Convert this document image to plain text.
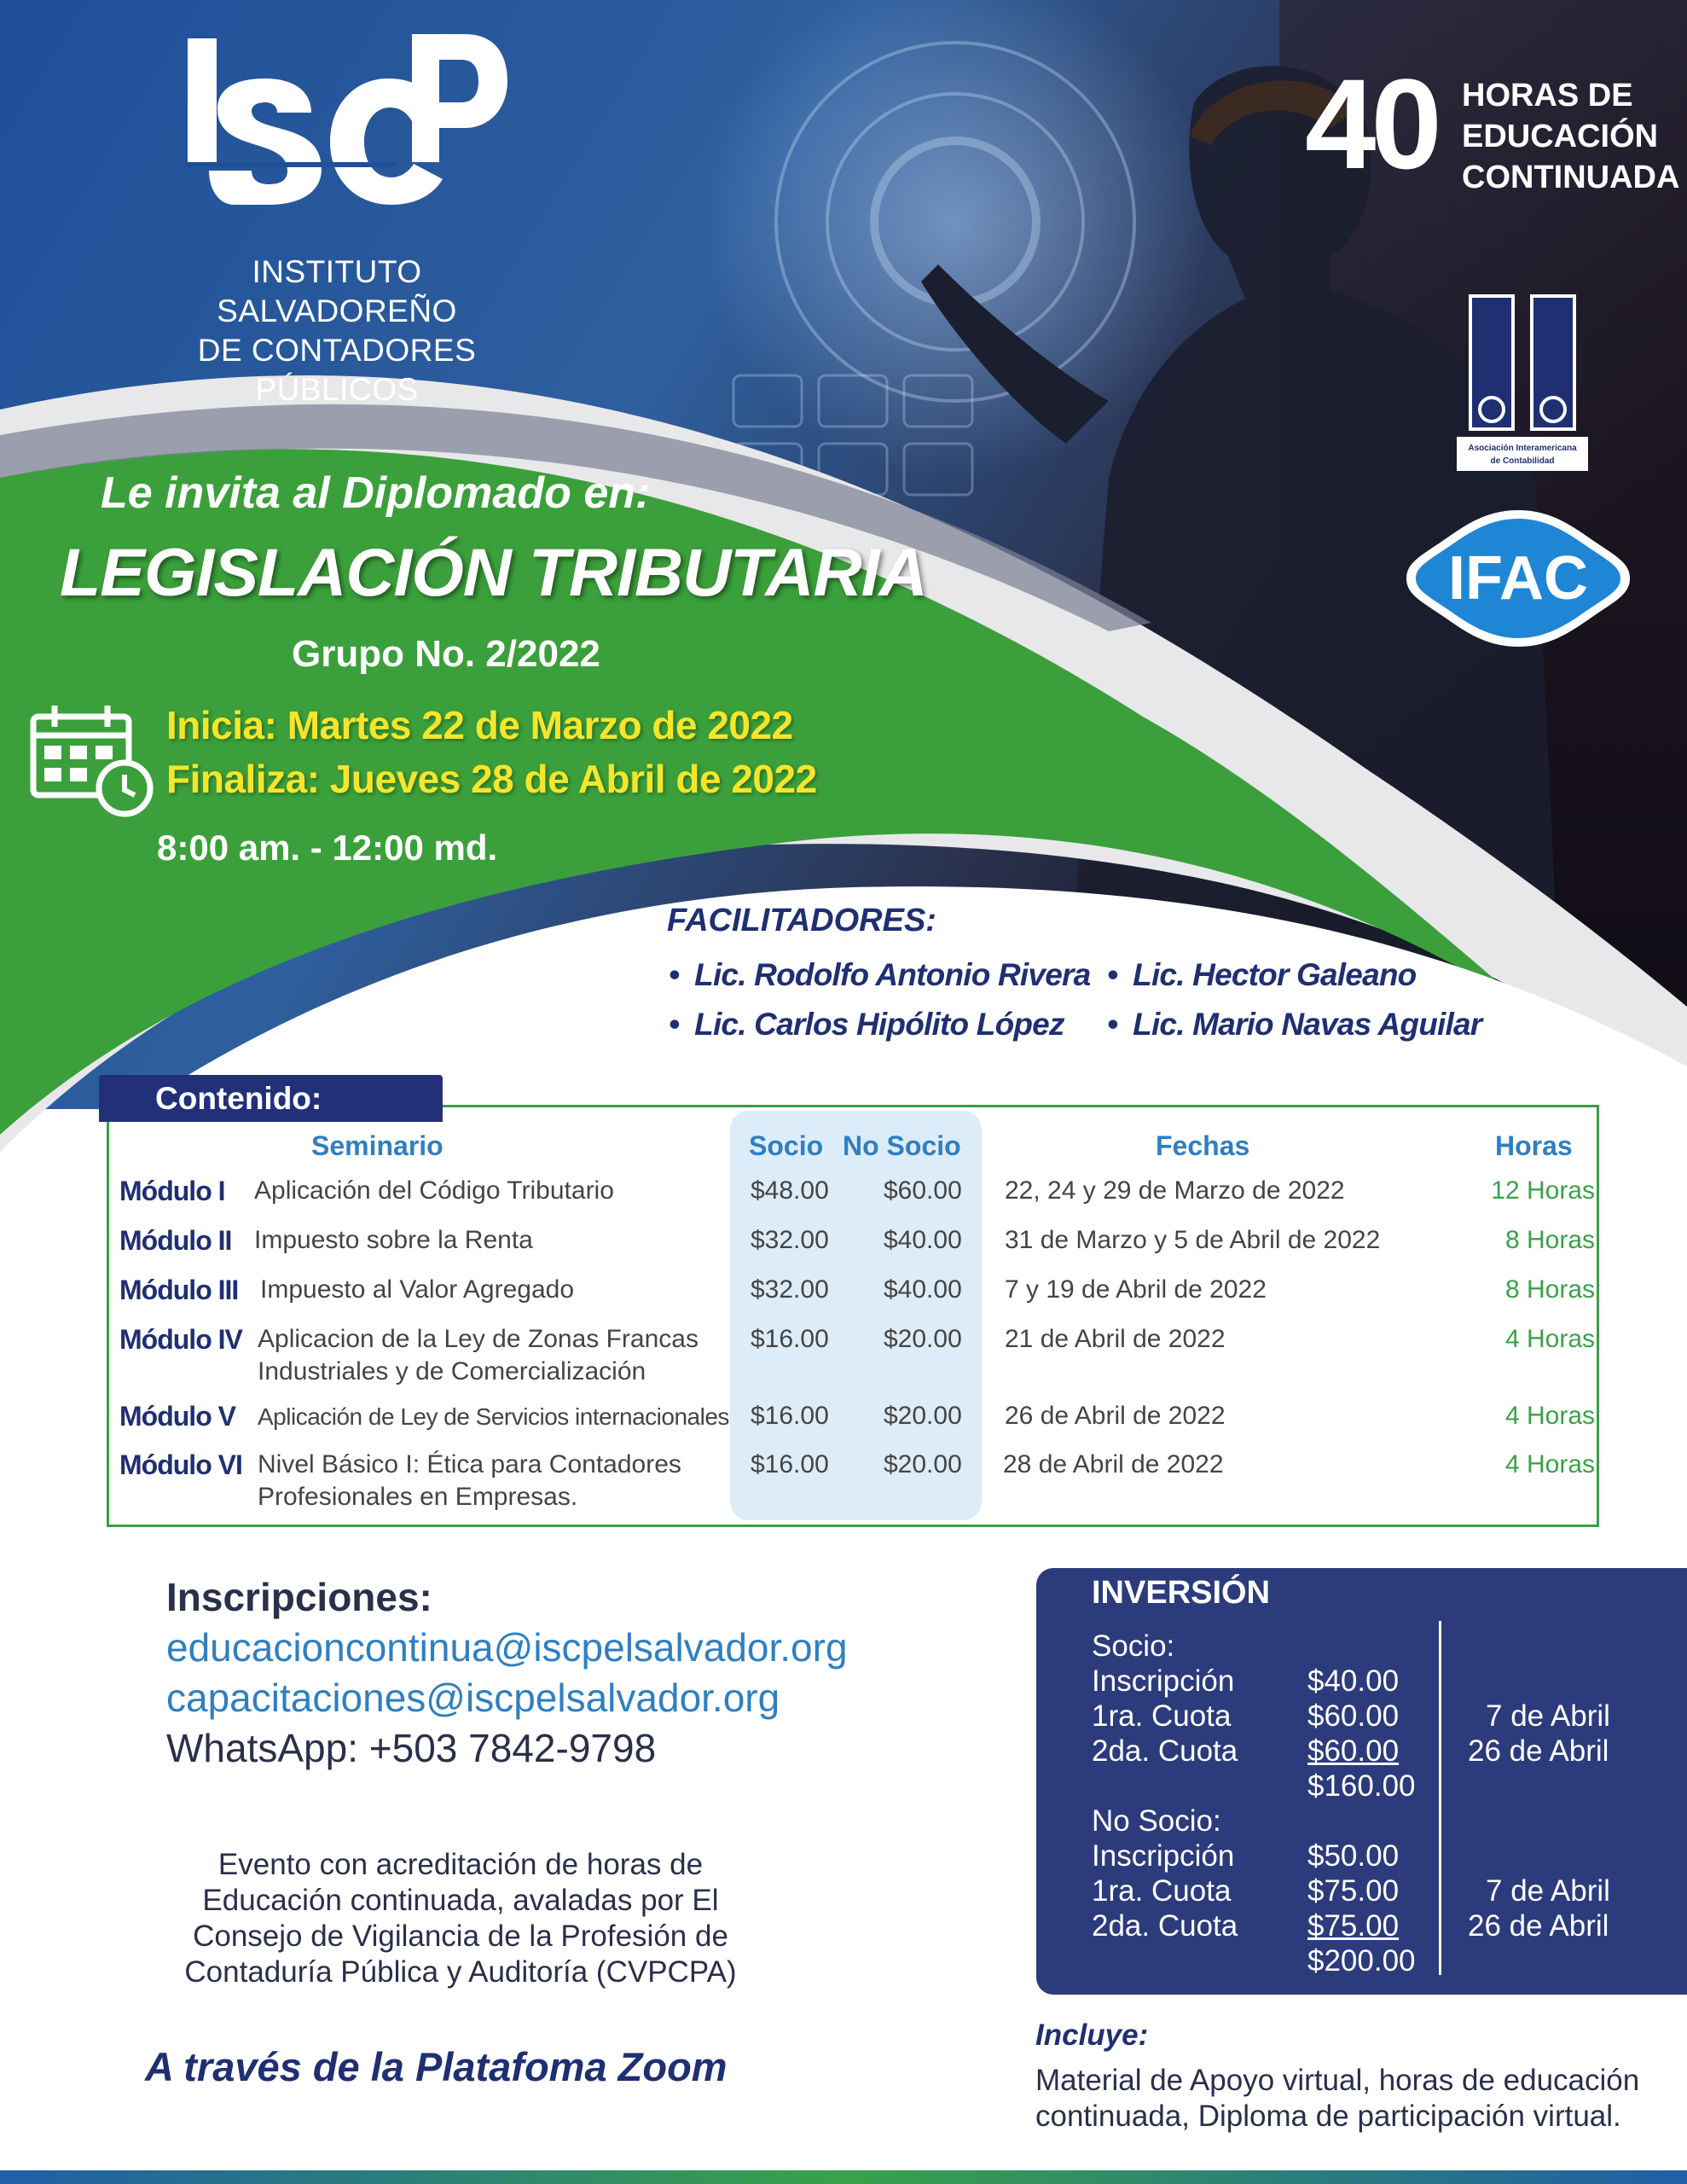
INSTITUTO SALVADOREÑO
DE CONTADORES PÚBLICOS
40 HORAS DE
EDUCACIÓN
CONTINUADA
Asociación Interamericana
de Contabilidad
IFAC
Le invita al Diplomado en:
LEGISLACIÓN TRIBUTARIA
Grupo No. 2/2022
Inicia: Martes 22 de Marzo de 2022
Finaliza: Jueves 28 de Abril de 2022
8:00 am. - 12:00 md.
FACILITADORES:
• Lic. Rodolfo Antonio Rivera
• Lic. Carlos Hipólito López
• Lic. Hector Galeano
• Lic. Mario Navas Aguilar
Contenido:
Seminario	Socio No Socio	Fechas	Horas
Módulo I Aplicación del Código Tributario	$48.00 $60.00 22, 24 y 29 de Marzo de 2022	12 Horas
Módulo II Impuesto sobre la Renta	$32.00 $40.00 31 de Marzo y 5 de Abril de 2022	8 Horas
Módulo III Impuesto al Valor Agregado	$32.00 $40.00 7 y 19 de Abril de 2022	8 Horas
Módulo IV Aplicacion de la Ley de Zonas Francas
Industriales y de Comercialización
$16.00 $20.00 21 de Abril de 2022	4 Horas
Módulo V Aplicación de Ley de Servicios internacionales $16.00 $20.00 26 de Abril de 2022	4 Horas
Módulo VI Nivel Básico I: Ética para Contadores
Profesionales en Empresas.
$16.00 $20.00 28 de Abril de 2022	4 Horas
Inscripciones:
educacioncontinua@iscpelsalvador.org
capacitaciones@iscpelsalvador.org
WhatsApp: +503 7842-9798
Evento con acreditación de horas de
Educación continuada, avaladas por El
Consejo de Vigilancia de la Profesión de
Contaduría Pública y Auditoría (CVPCPA)
A través de la Platafoma Zoom
INVERSIÓN
Socio:
Inscripción $40.00
1ra. Cuota	$60.00	7 de Abril
2da. Cuota $60.00 26 de Abril
$160.00
No Socio:
Inscripción $50.00
1ra. Cuota	$75.00	7 de Abril
2da. Cuota $75.00 26 de Abril
$200.00
Incluye:
Material de Apoyo virtual, horas de educación
continuada, Diploma de participación virtual.
